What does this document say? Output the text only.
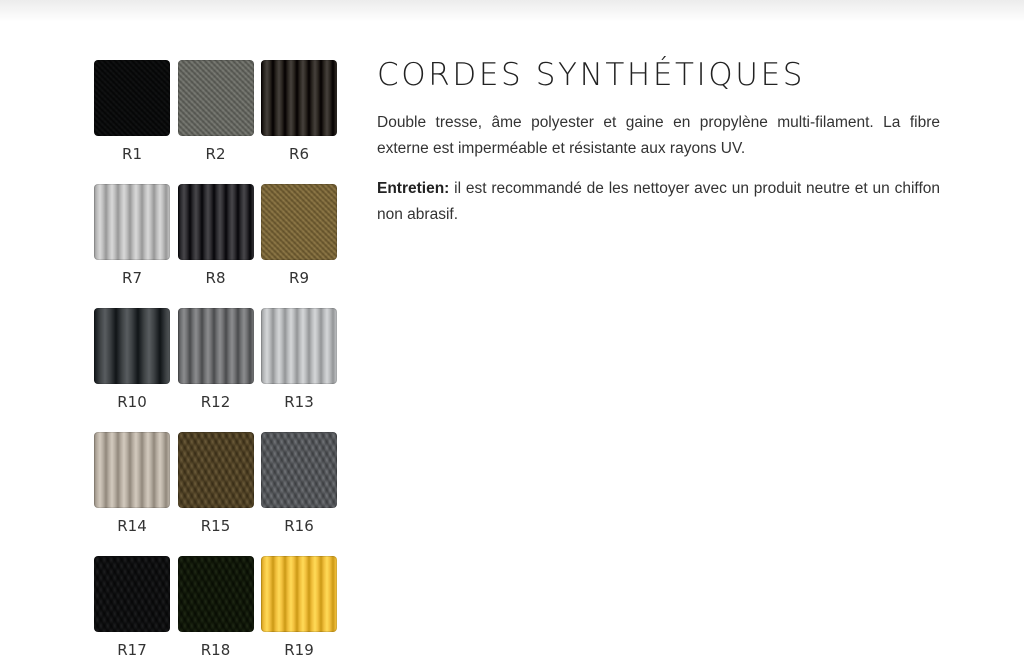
R1	R2	R6
R7	R8	R9
R10	R12	R13
R14	R15	R16
R17	R18	R19
CORDES SYNTHÉTIQUES

Double tresse, âme polyester et gaine en propylène multi-filament. La fibre externe est imperméable et résistante aux rayons UV.

Entretien: il est recommandé de les nettoyer avec un produit neutre et un chiffon non abrasif.
